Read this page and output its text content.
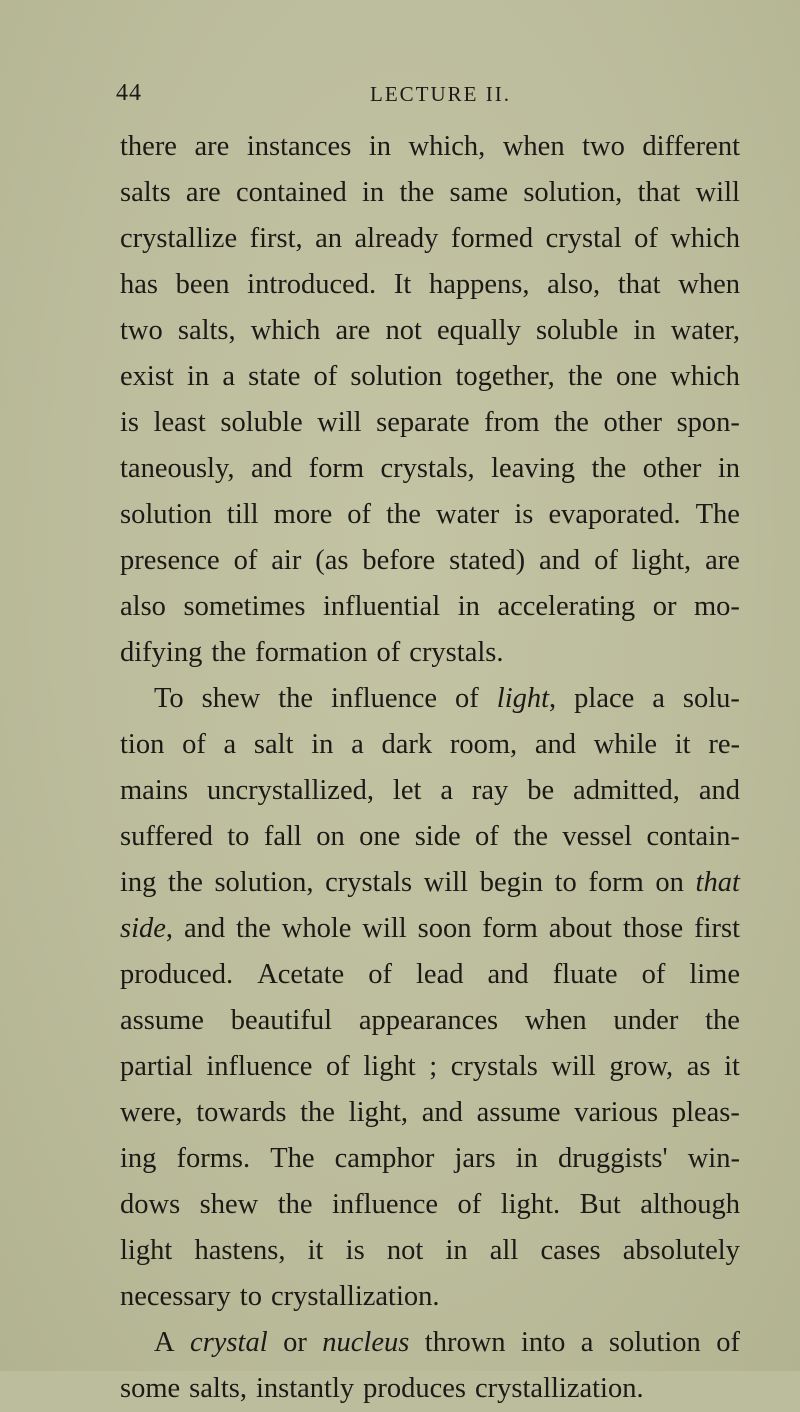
44	LECTURE II.
there are instances in which, when two different
salts are contained in the same solution, that will
crystallize first, an already formed crystal of which
has been introduced. It happens, also, that when
two salts, which are not equally soluble in water,
exist in a state of solution together, the one which
is least soluble will separate from the other spon-
taneously, and form crystals, leaving the other in
solution till more of the water is evaporated. The
presence of air (as before stated) and of light, are
also sometimes influential in accelerating or mo-
difying the formation of crystals.
To shew the influence of light, place a solu-
tion of a salt in a dark room, and while it re-
mains uncrystallized, let a ray be admitted, and
suffered to fall on one side of the vessel contain-
ing the solution, crystals will begin to form on that
side, and the whole will soon form about those first
produced. Acetate of lead and fluate of lime
assume beautiful appearances when under the
partial influence of light ; crystals will grow, as it
were, towards the light, and assume various pleas-
ing forms. The camphor jars in druggists' win-
dows shew the influence of light. But although
light hastens, it is not in all cases absolutely
necessary to crystallization.
A crystal or nucleus thrown into a solution of
some salts, instantly produces crystallization.
